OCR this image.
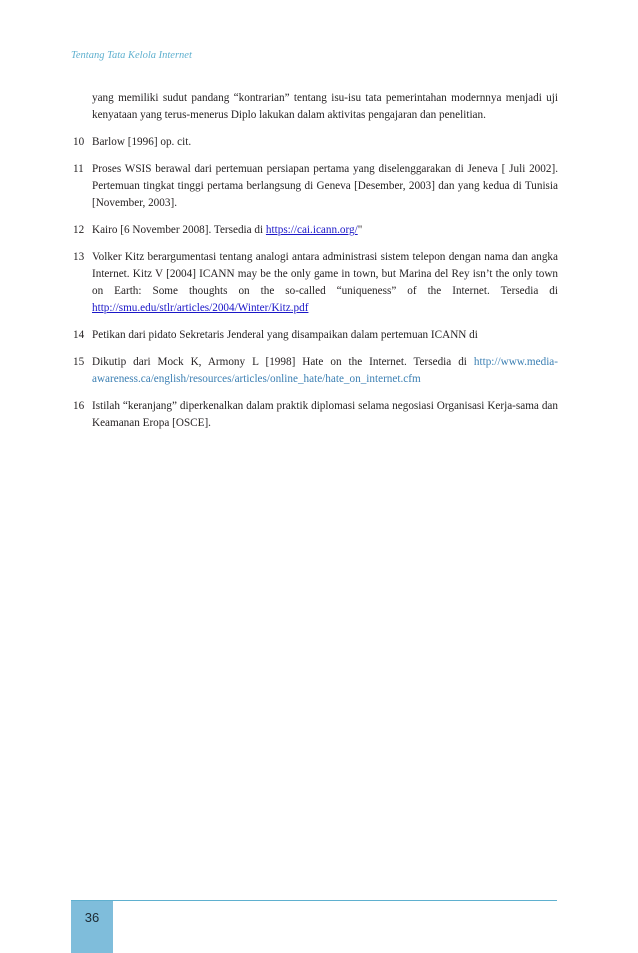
Tentang Tata Kelola Internet
yang memiliki sudut pandang “kontrarian” tentang isu-isu tata pemerintahan modernnya menjadi uji kenyataan yang terus-menerus Diplo lakukan dalam aktivitas pengajaran dan penelitian.
10 Barlow [1996] op. cit.
11 Proses WSIS berawal dari pertemuan persiapan pertama yang diselenggarakan di Jeneva [ Juli 2002]. Pertemuan tingkat tinggi pertama berlangsung di Geneva [Desember, 2003] dan yang kedua di Tunisia [November, 2003].
12 Kairo [6 November 2008]. Tersedia di https://cai.icann.org/"
13 Volker Kitz berargumentasi tentang analogi antara administrasi sistem telepon dengan nama dan angka Internet. Kitz V [2004] ICANN may be the only game in town, but Marina del Rey isn’t the only town on Earth: Some thoughts on the so-called “uniqueness” of the Internet. Tersedia di http://smu.edu/stlr/articles/2004/Winter/Kitz.pdf
14 Petikan dari pidato Sekretaris Jenderal yang disampaikan dalam pertemuan ICANN di
15 Dikutip dari Mock K, Armony L [1998] Hate on the Internet. Tersedia di http://www.media-awareness.ca/english/resources/articles/online_hate/hate_on_internet.cfm
16 Istilah “keranjang” diperkenalkan dalam praktik diplomasi selama negosiasi Organisasi Kerja-sama dan Keamanan Eropa [OSCE].
36
